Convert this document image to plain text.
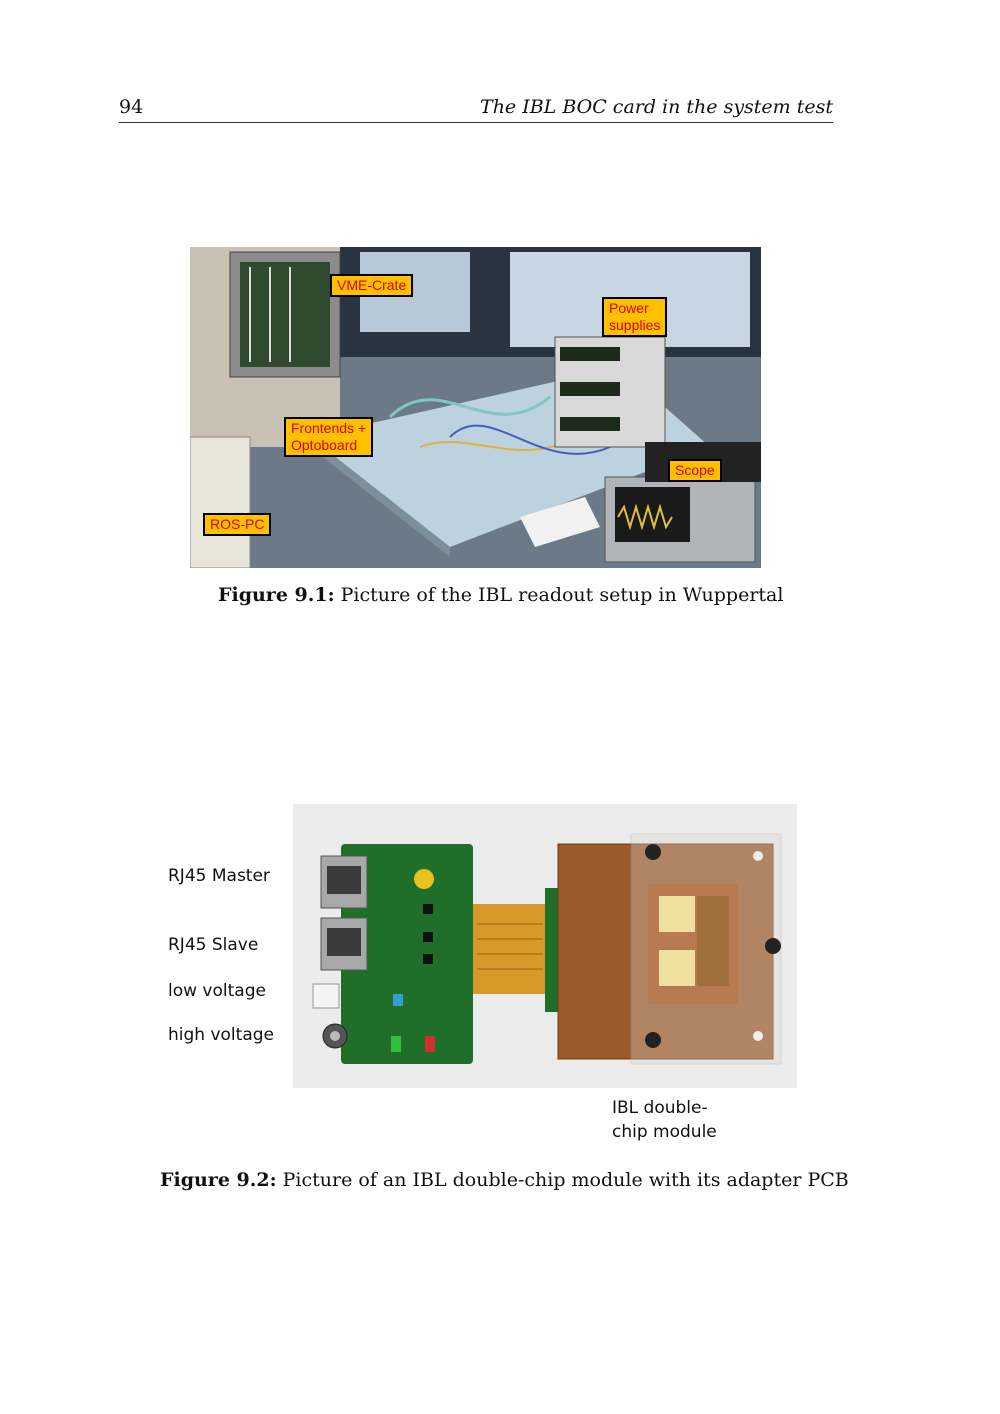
94	The IBL BOC card in the system test
VME-Crate
Power
supplies
Frontends +
Optoboard
Scope
ROS-PC
Figure 9.1: Picture of the IBL readout setup in Wuppertal
RJ45 Master
RJ45 Slave
low voltage
high voltage
IBL double-
chip module
Figure 9.2: Picture of an IBL double-chip module with its adapter PCB
